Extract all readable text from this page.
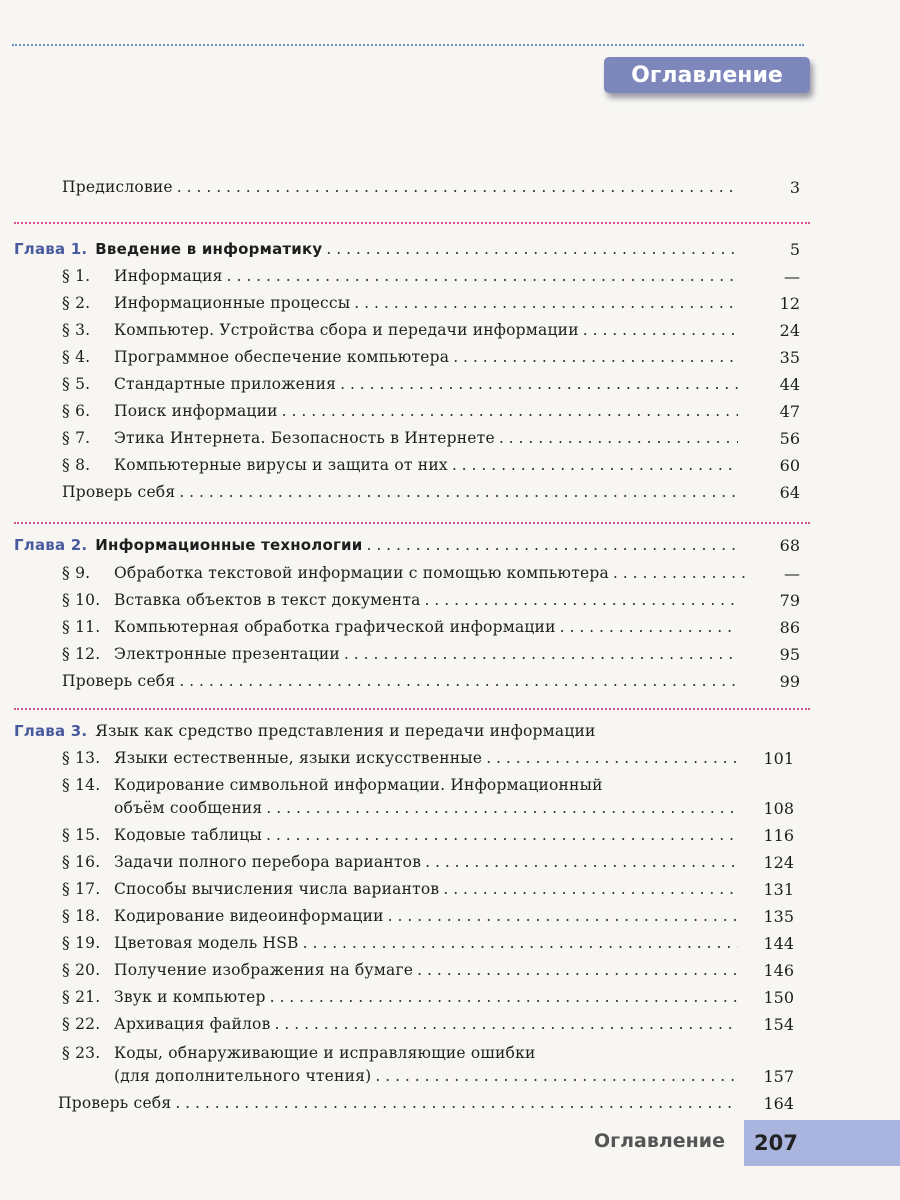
Оглавление
Предисловие . . .	3
Глава 1. Введение в информатику . . .	5
§ 1.	Информация . . .	—
§ 2.	Информационные процессы . . .	12
§ 3.	Компьютер. Устройства сбора и передачи информации . . .	24
§ 4.	Программное обеспечение компьютера . . .	35
§ 5.	Стандартные приложения . . .	44
§ 6.	Поиск информации . . .	47
§ 7.	Этика Интернета. Безопасность в Интернете . . .	56
§ 8.	Компьютерные вирусы и защита от них . . .	60
Проверь себя . . .	64
Глава 2. Информационные технологии . . .	68
§ 9.	Обработка текстовой информации с помощью компьютера . . .	—
§ 10. Вставка объектов в текст документа . . .	79
§ 11. Компьютерная обработка графической информации . . .	86
§ 12. Электронные презентации . . .	95
Проверь себя . . .	99
Глава 3. Язык как средство представления и передачи информации
§ 13. Языки естественные, языки искусственные . . .	101
§ 14. Кодирование символьной информации. Информационный
объём сообщения . . .	108
§ 15. Кодовые таблицы . . .	116
§ 16. Задачи полного перебора вариантов . . .	124
§ 17. Способы вычисления числа вариантов . . .	131
§ 18. Кодирование видеоинформации . . .	135
§ 19. Цветовая модель HSB . . .	144
§ 20. Получение изображения на бумаге . . .	146
§ 21. Звук и компьютер . . .	150
§ 22. Архивация файлов . . .	154
§ 23. Коды, обнаруживающие и исправляющие ошибки
(для дополнительного чтения) . . .	157
Проверь себя . . .	164
Оглавление 207
